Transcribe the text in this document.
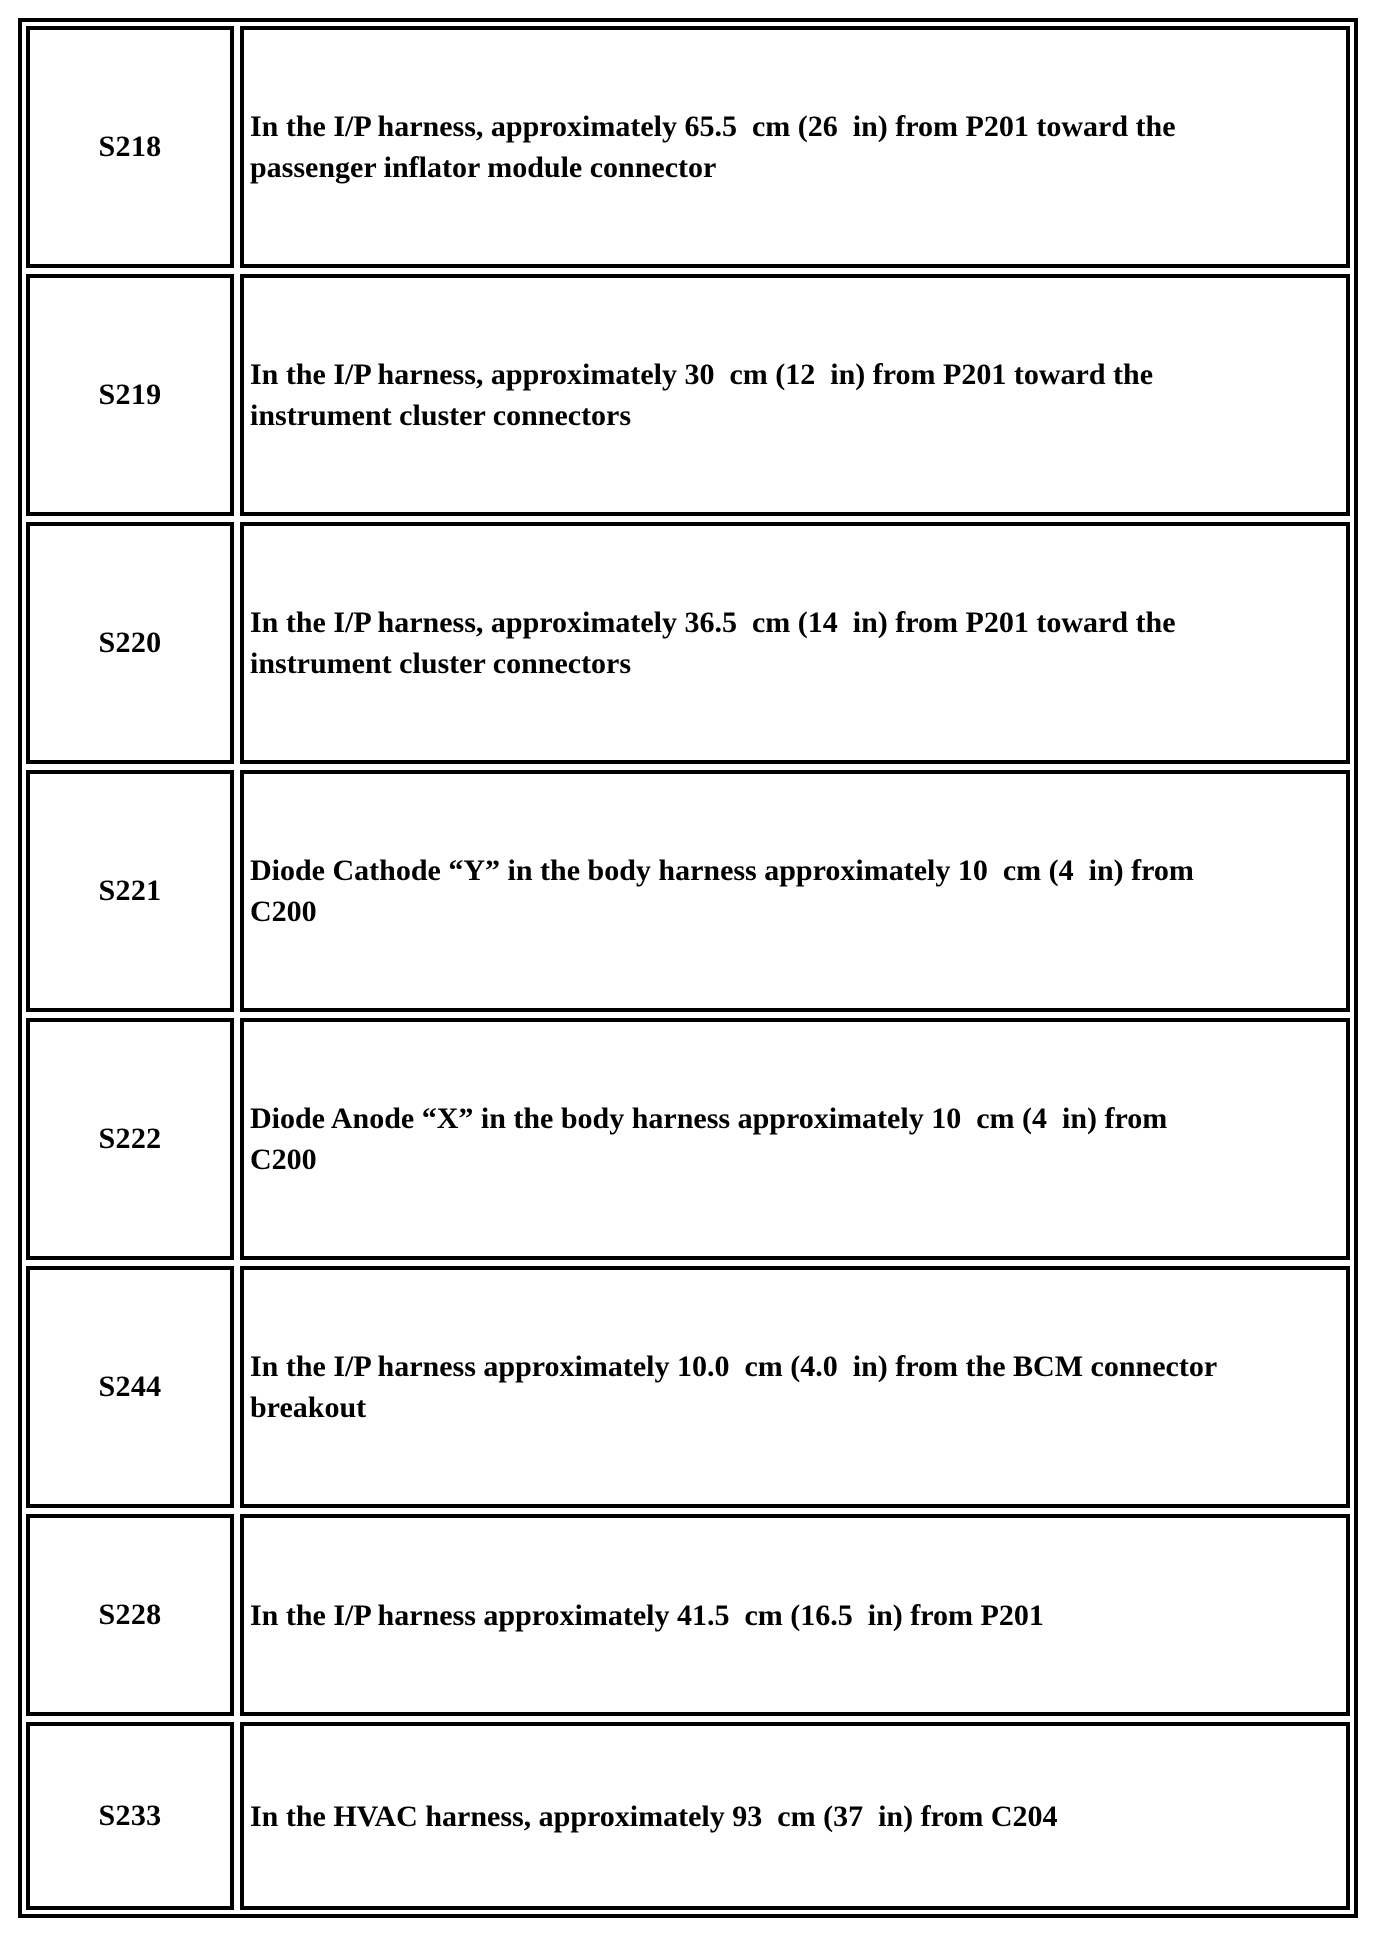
S218
In the I/P harness, approximately 65.5  cm (26  in) from P201 toward the
passenger inflator module connector
S219
In the I/P harness, approximately 30  cm (12  in) from P201 toward the
instrument cluster connectors
S220
In the I/P harness, approximately 36.5  cm (14  in) from P201 toward the
instrument cluster connectors
S221
Diode Cathode “Y” in the body harness approximately 10  cm (4  in) from
C200
S222
Diode Anode “X” in the body harness approximately 10  cm (4  in) from
C200
S244
In the I/P harness approximately 10.0  cm (4.0  in) from the BCM connector
breakout
S228	In the I/P harness approximately 41.5  cm (16.5  in) from P201
S233	In the HVAC harness, approximately 93  cm (37  in) from C204
